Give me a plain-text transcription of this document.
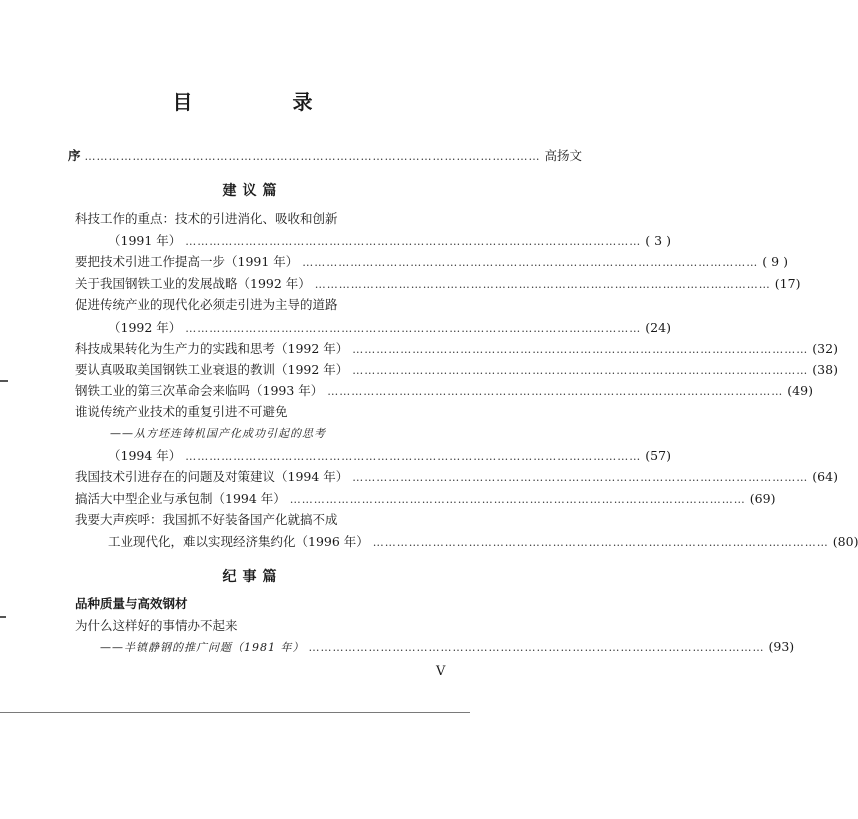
目　　录
序 …………………………………………………………………………………………………… 高扬文
建议篇
科技工作的重点：技术的引进消化、吸收和创新
（1991 年） …………………………………………………………………………………………………… ( 3 )
要把技术引进工作提高一步（1991 年） …………………………………………………………………………………………………… ( 9 )
关于我国钢铁工业的发展战略（1992 年） …………………………………………………………………………………………………… (17)
促进传统产业的现代化必须走引进为主导的道路
（1992 年） …………………………………………………………………………………………………… (24)
科技成果转化为生产力的实践和思考（1992 年） …………………………………………………………………………………………………… (32)
要认真吸取美国钢铁工业衰退的教训（1992 年） …………………………………………………………………………………………………… (38)
钢铁工业的第三次革命会来临吗（1993 年） …………………………………………………………………………………………………… (49)
谁说传统产业技术的重复引进不可避免
——从方坯连铸机国产化成功引起的思考
（1994 年） …………………………………………………………………………………………………… (57)
我国技术引进存在的问题及对策建议（1994 年） …………………………………………………………………………………………………… (64)
搞活大中型企业与承包制（1994 年） …………………………………………………………………………………………………… (69)
我要大声疾呼：我国抓不好装备国产化就搞不成
工业现代化，难以实现经济集约化（1996 年） …………………………………………………………………………………………………… (80)
纪事篇
品种质量与高效钢材
为什么这样好的事情办不起来
——半镇静钢的推广问题（1981 年） …………………………………………………………………………………………………… (93)
V
